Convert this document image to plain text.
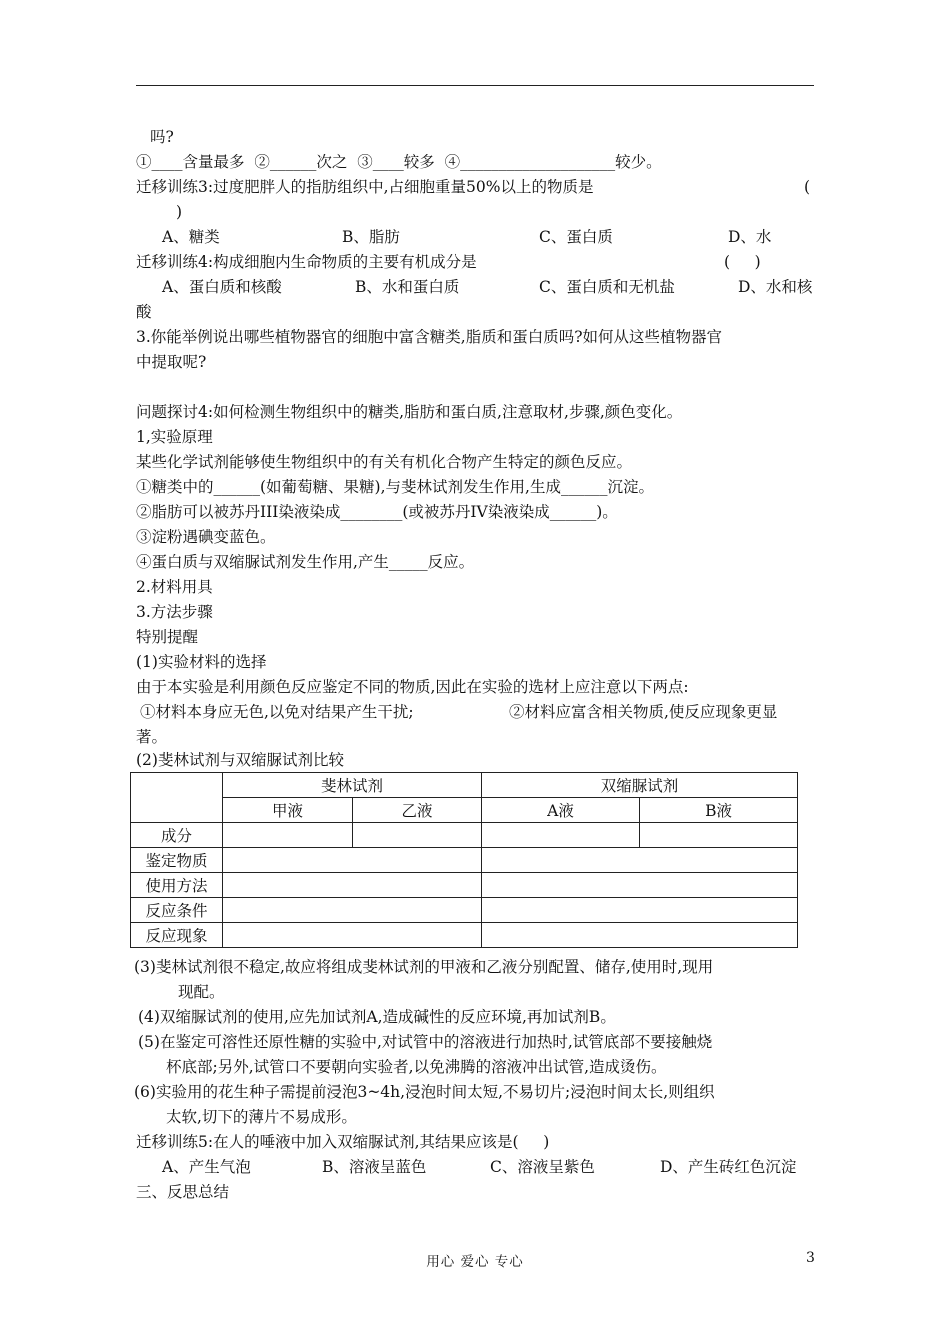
吗?
①____含量最多  ②______次之  ③____较多  ④____________________较少。
迁移训练3:过度肥胖人的指肪组织中,占细胞重量50%以上的物质是	(
)
A、糖类	B、脂肪	C、蛋白质	D、水
迁移训练4:构成细胞内生命物质的主要有机成分是	(     )
A、蛋白质和核酸	B、水和蛋白质	C、蛋白质和无机盐	D、水和核
酸
3.你能举例说出哪些植物器官的细胞中富含糖类,脂质和蛋白质吗?如何从这些植物器官
中提取呢?
问题探讨4:如何检测生物组织中的糖类,脂肪和蛋白质,注意取材,步骤,颜色变化。
1,实验原理
某些化学试剂能够使生物组织中的有关有机化合物产生特定的颜色反应。
①糖类中的______(如葡萄糖、果糖),与斐林试剂发生作用,生成______沉淀。
②脂肪可以被苏丹III染液染成________(或被苏丹IV染液染成______)。
③淀粉遇碘变蓝色。
④蛋白质与双缩脲试剂发生作用,产生_____反应。
2.材料用具
3.方法步骤
特别提醒
(1)实验材料的选择
由于本实验是利用颜色反应鉴定不同的物质,因此在实验的选材上应注意以下两点:
①材料本身应无色,以免对结果产生干扰;	②材料应富含相关物质,使反应现象更显
著。
(2)斐林试剂与双缩脲试剂比较
	斐林试剂		双缩脲试剂	
	甲液	乙液	A液	B液
成分				
鉴定物质				
使用方法				
反应条件				
反应现象				
(3)斐林试剂很不稳定,故应将组成斐林试剂的甲液和乙液分别配置、储存,使用时,现用
现配。
(4)双缩脲试剂的使用,应先加试剂A,造成碱性的反应环境,再加试剂B。
(5)在鉴定可溶性还原性糖的实验中,对试管中的溶液进行加热时,试管底部不要接触烧
杯底部;另外,试管口不要朝向实验者,以免沸腾的溶液冲出试管,造成烫伤。
(6)实验用的花生种子需提前浸泡3~4h,浸泡时间太短,不易切片;浸泡时间太长,则组织
太软,切下的薄片不易成形。
迁移训练5:在人的唾液中加入双缩脲试剂,其结果应该是(     )
A、产生气泡	B、溶液呈蓝色	C、溶液呈紫色	D、产生砖红色沉淀
三、反思总结
用心 爱心 专心	3
